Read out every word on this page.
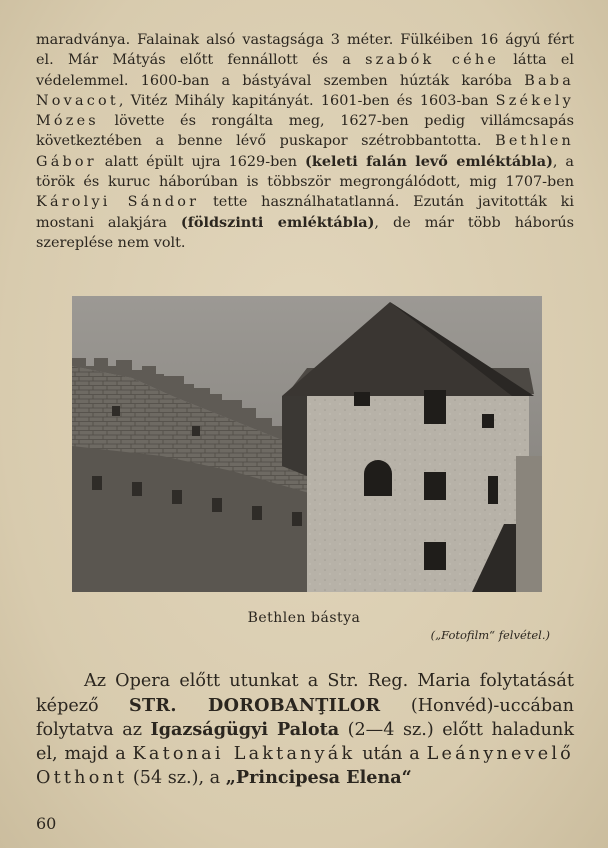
maradványa. Falainak alsó vastagsága 3 méter. Fülkéiben 16 ágyú fért el. Már Mátyás előtt fennállott és a szabók céhe látta el védelemmel. 1600-ban a bástyával szemben húzták karóba Baba Novacot, Vitéz Mihály kapitányát. 1601-ben és 1603-ban Székely Mózes lövette és rongálta meg, 1627-ben pedig villámcsapás következtében a benne lévő puskapor szétrobbantotta. Bethlen Gábor alatt épült ujra 1629-ben (keleti falán levő emléktábla), a török és kuruc háborúban is többször megrongálódott, mig 1707-ben Károlyi Sándor tette használhatatlanná. Ezután javitották ki mostani alakjára (földszinti emléktábla), de már több háborús szereplése nem volt.

Bethlen bástya

(„Fotofilm“ felvétel.)

Az Opera előtt utunkat a Str. Reg. Maria folytatását képező STR. DOROBANŢILOR (Honvéd)-uccában folytatva az Igazságügyi Palota (2—4 sz.) előtt haladunk el, majd a Katonai Laktanyák után a Leánynevelő Otthont (54 sz.), a „Principesa Elena“

60
